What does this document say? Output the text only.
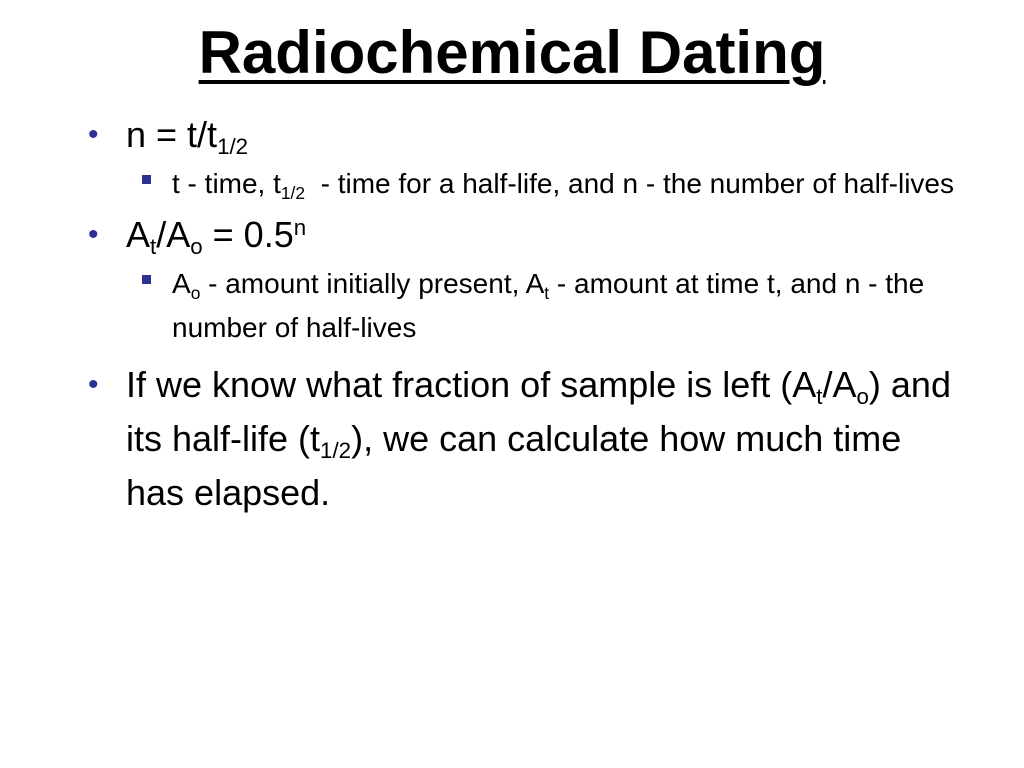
Radiochemical Dating
• $n = t/t_{1/2}$
t - time, $t_{1/2}$  - time for a half-life, and n - the number of half-lives
• $A_t/A_o = 0.5^n$
$A_o$ - amount initially present, $A_t$ - amount at time t, and n - the number of half-lives
• If we know what fraction of sample is left $(A_t/A_o)$ and its half-life $(t_{1/2})$, we can calculate how much time has elapsed.
